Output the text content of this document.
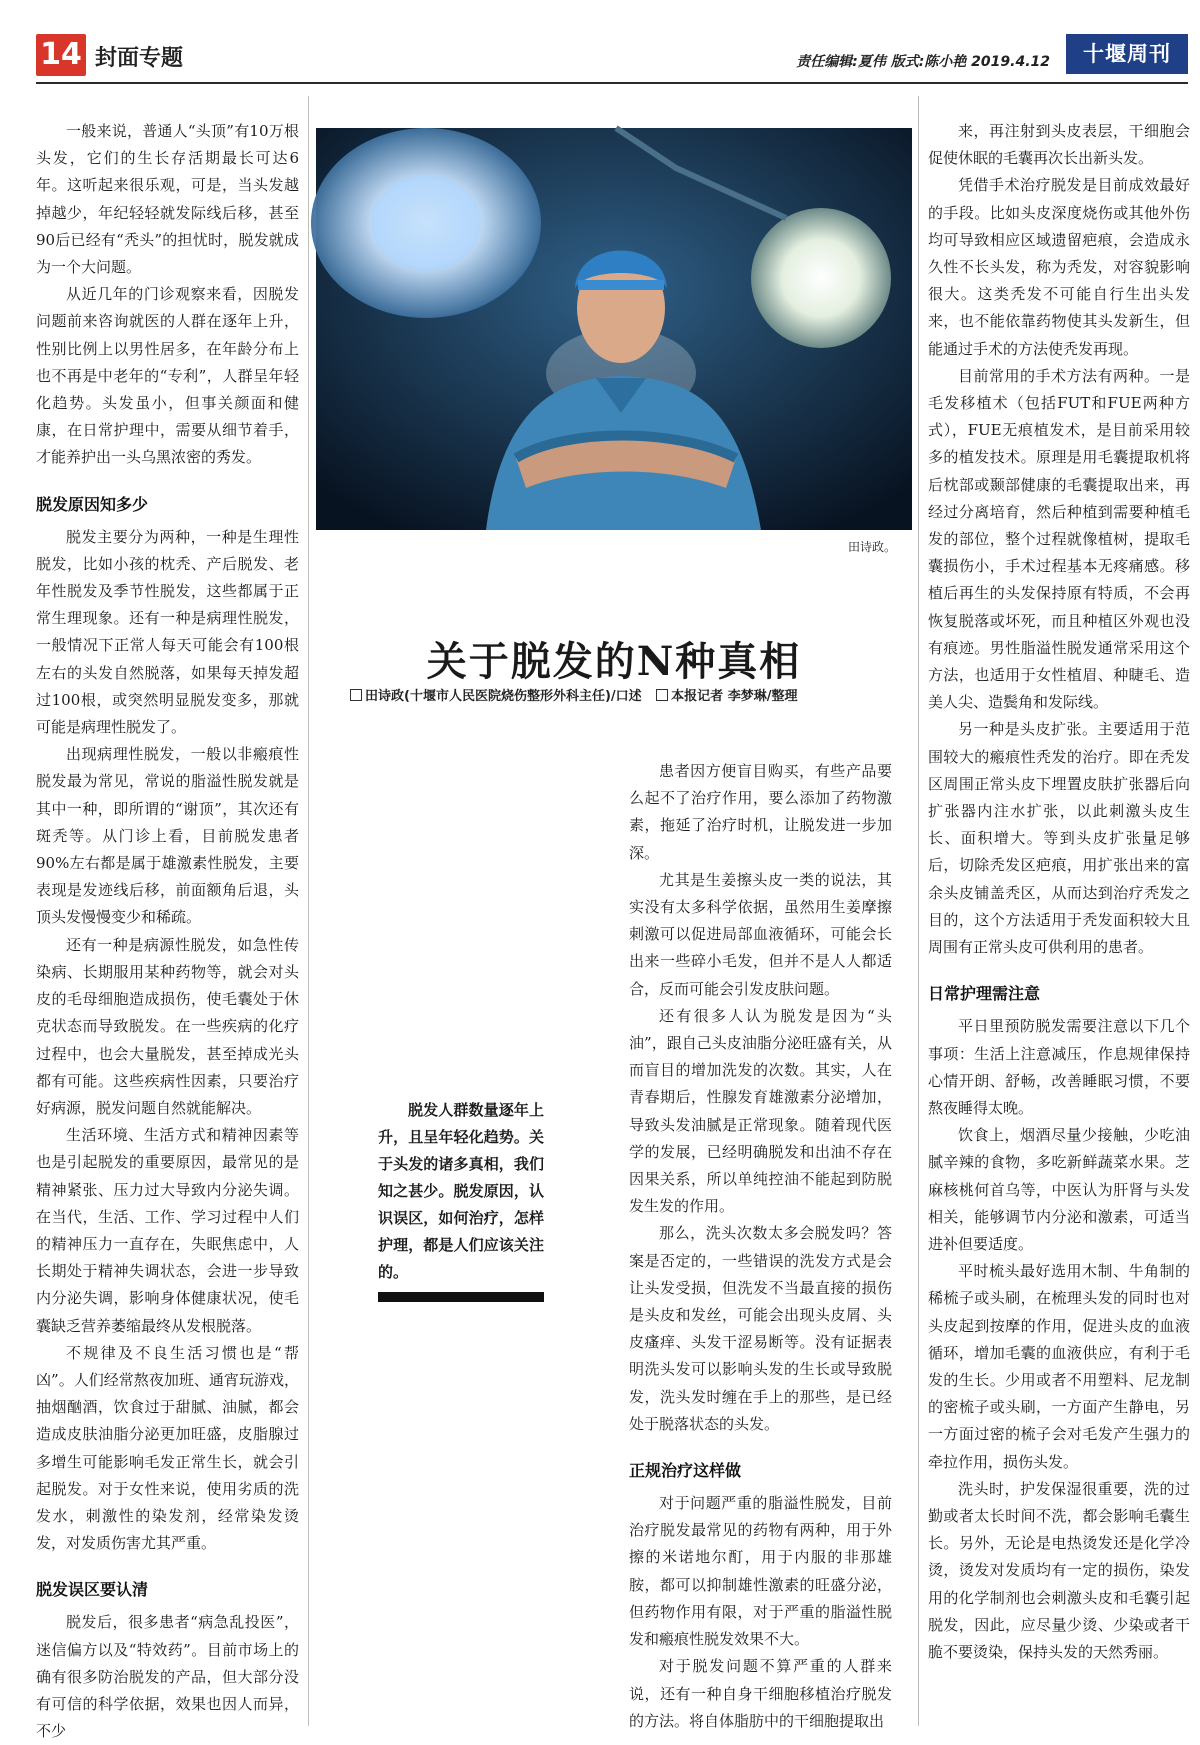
14 封面专题	责任编辑:夏伟 版式:陈小艳 2019.4.12	十堰周刊

一般来说，普通人“头顶”有10万根头发，它们的生长存活期最长可达6年。这听起来很乐观，可是，当头发越掉越少，年纪轻轻就发际线后移，甚至90后已经有“秃头”的担忧时，脱发就成为一个大问题。

从近几年的门诊观察来看，因脱发问题前来咨询就医的人群在逐年上升，性别比例上以男性居多，在年龄分布上也不再是中老年的“专利”，人群呈年轻化趋势。头发虽小，但事关颜面和健康，在日常护理中，需要从细节着手，才能养护出一头乌黑浓密的秀发。

脱发原因知多少

脱发主要分为两种，一种是生理性脱发，比如小孩的枕秃、产后脱发、老年性脱发及季节性脱发，这些都属于正常生理现象。还有一种是病理性脱发，一般情况下正常人每天可能会有100根左右的头发自然脱落，如果每天掉发超过100根，或突然明显脱发变多，那就可能是病理性脱发了。

出现病理性脱发，一般以非瘢痕性脱发最为常见，常说的脂溢性脱发就是其中一种，即所谓的“谢顶”，其次还有斑秃等。从门诊上看，目前脱发患者90%左右都是属于雄激素性脱发，主要表现是发迹线后移，前面额角后退，头顶头发慢慢变少和稀疏。

还有一种是病源性脱发，如急性传染病、长期服用某种药物等，就会对头皮的毛母细胞造成损伤，使毛囊处于休克状态而导致脱发。在一些疾病的化疗过程中，也会大量脱发，甚至掉成光头都有可能。这些疾病性因素，只要治疗好病源，脱发问题自然就能解决。

生活环境、生活方式和精神因素等也是引起脱发的重要原因，最常见的是精神紧张、压力过大导致内分泌失调。在当代，生活、工作、学习过程中人们的精神压力一直存在，失眠焦虑中，人长期处于精神失调状态，会进一步导致内分泌失调，影响身体健康状况，使毛囊缺乏营养萎缩最终从发根脱落。

不规律及不良生活习惯也是“帮凶”。人们经常熬夜加班、通宵玩游戏，抽烟酗酒，饮食过于甜腻、油腻，都会造成皮肤油脂分泌更加旺盛，皮脂腺过多增生可能影响毛发正常生长，就会引起脱发。对于女性来说，使用劣质的洗发水，刺激性的染发剂，经常染发烫发，对发质伤害尤其严重。

脱发误区要认清

脱发后，很多患者“病急乱投医”，迷信偏方以及“特效药”。目前市场上的确有很多防治脱发的产品，但大部分没有可信的科学依据，效果也因人而异，不少

田诗政。
关于脱发的N种真相
田诗政(十堰市人民医院烧伤整形外科主任)/口述 本报记者 李梦琳/整理
脱发人群数量逐年上升，且呈年轻化趋势。关于头发的诸多真相，我们知之甚少。脱发原因，认识误区，如何治疗，怎样护理，都是人们应该关注的。

患者因方便盲目购买，有些产品要么起不了治疗作用，要么添加了药物激素，拖延了治疗时机，让脱发进一步加深。

尤其是生姜擦头皮一类的说法，其实没有太多科学依据，虽然用生姜摩擦刺激可以促进局部血液循环，可能会长出来一些碎小毛发，但并不是人人都适合，反而可能会引发皮肤问题。

还有很多人认为脱发是因为“头油”，跟自己头皮油脂分泌旺盛有关，从而盲目的增加洗发的次数。其实，人在青春期后，性腺发育雄激素分泌增加，导致头发油腻是正常现象。随着现代医学的发展，已经明确脱发和出油不存在因果关系，所以单纯控油不能起到防脱发生发的作用。

那么，洗头次数太多会脱发吗？答案是否定的，一些错误的洗发方式是会让头发受损，但洗发不当最直接的损伤是头皮和发丝，可能会出现头皮屑、头皮瘙痒、头发干涩易断等。没有证据表明洗头发可以影响头发的生长或导致脱发，洗头发时缠在手上的那些，是已经处于脱落状态的头发。

正规治疗这样做

对于问题严重的脂溢性脱发，目前治疗脱发最常见的药物有两种，用于外擦的米诺地尔酊，用于内服的非那雄胺，都可以抑制雄性激素的旺盛分泌，但药物作用有限，对于严重的脂溢性脱发和瘢痕性脱发效果不大。

对于脱发问题不算严重的人群来说，还有一种自身干细胞移植治疗脱发的方法。将自体脂肪中的干细胞提取出

来，再注射到头皮表层，干细胞会促使休眠的毛囊再次长出新头发。

凭借手术治疗脱发是目前成效最好的手段。比如头皮深度烧伤或其他外伤均可导致相应区域遗留疤痕，会造成永久性不长头发，称为秃发，对容貌影响很大。这类秃发不可能自行生出头发来，也不能依靠药物使其头发新生，但能通过手术的方法使秃发再现。

目前常用的手术方法有两种。一是毛发移植术（包括FUT和FUE两种方式），FUE无痕植发术，是目前采用较多的植发技术。原理是用毛囊提取机将后枕部或颞部健康的毛囊提取出来，再经过分离培育，然后种植到需要种植毛发的部位，整个过程就像植树，提取毛囊损伤小，手术过程基本无疼痛感。移植后再生的头发保持原有特质，不会再恢复脱落或坏死，而且种植区外观也没有痕迹。男性脂溢性脱发通常采用这个方法，也适用于女性植眉、种睫毛、造美人尖、造鬓角和发际线。

另一种是头皮扩张。主要适用于范围较大的瘢痕性秃发的治疗。即在秃发区周围正常头皮下埋置皮肤扩张器后向扩张器内注水扩张，以此刺激头皮生长、面积增大。等到头皮扩张量足够后，切除秃发区疤痕，用扩张出来的富余头皮铺盖秃区，从而达到治疗秃发之目的，这个方法适用于秃发面积较大且周围有正常头皮可供利用的患者。

日常护理需注意

平日里预防脱发需要注意以下几个事项：生活上注意减压，作息规律保持心情开朗、舒畅，改善睡眠习惯，不要熬夜睡得太晚。

饮食上，烟酒尽量少接触，少吃油腻辛辣的食物，多吃新鲜蔬菜水果。芝麻核桃何首乌等，中医认为肝肾与头发相关，能够调节内分泌和激素，可适当进补但要适度。

平时梳头最好选用木制、牛角制的稀梳子或头刷，在梳理头发的同时也对头皮起到按摩的作用，促进头皮的血液循环，增加毛囊的血液供应，有利于毛发的生长。少用或者不用塑料、尼龙制的密梳子或头刷，一方面产生静电，另一方面过密的梳子会对毛发产生强力的牵拉作用，损伤头发。

洗头时，护发保湿很重要，洗的过勤或者太长时间不洗，都会影响毛囊生长。另外，无论是电热烫发还是化学冷烫，烫发对发质均有一定的损伤，染发用的化学制剂也会刺激头皮和毛囊引起脱发，因此，应尽量少烫、少染或者干脆不要烫染，保持头发的天然秀丽。
